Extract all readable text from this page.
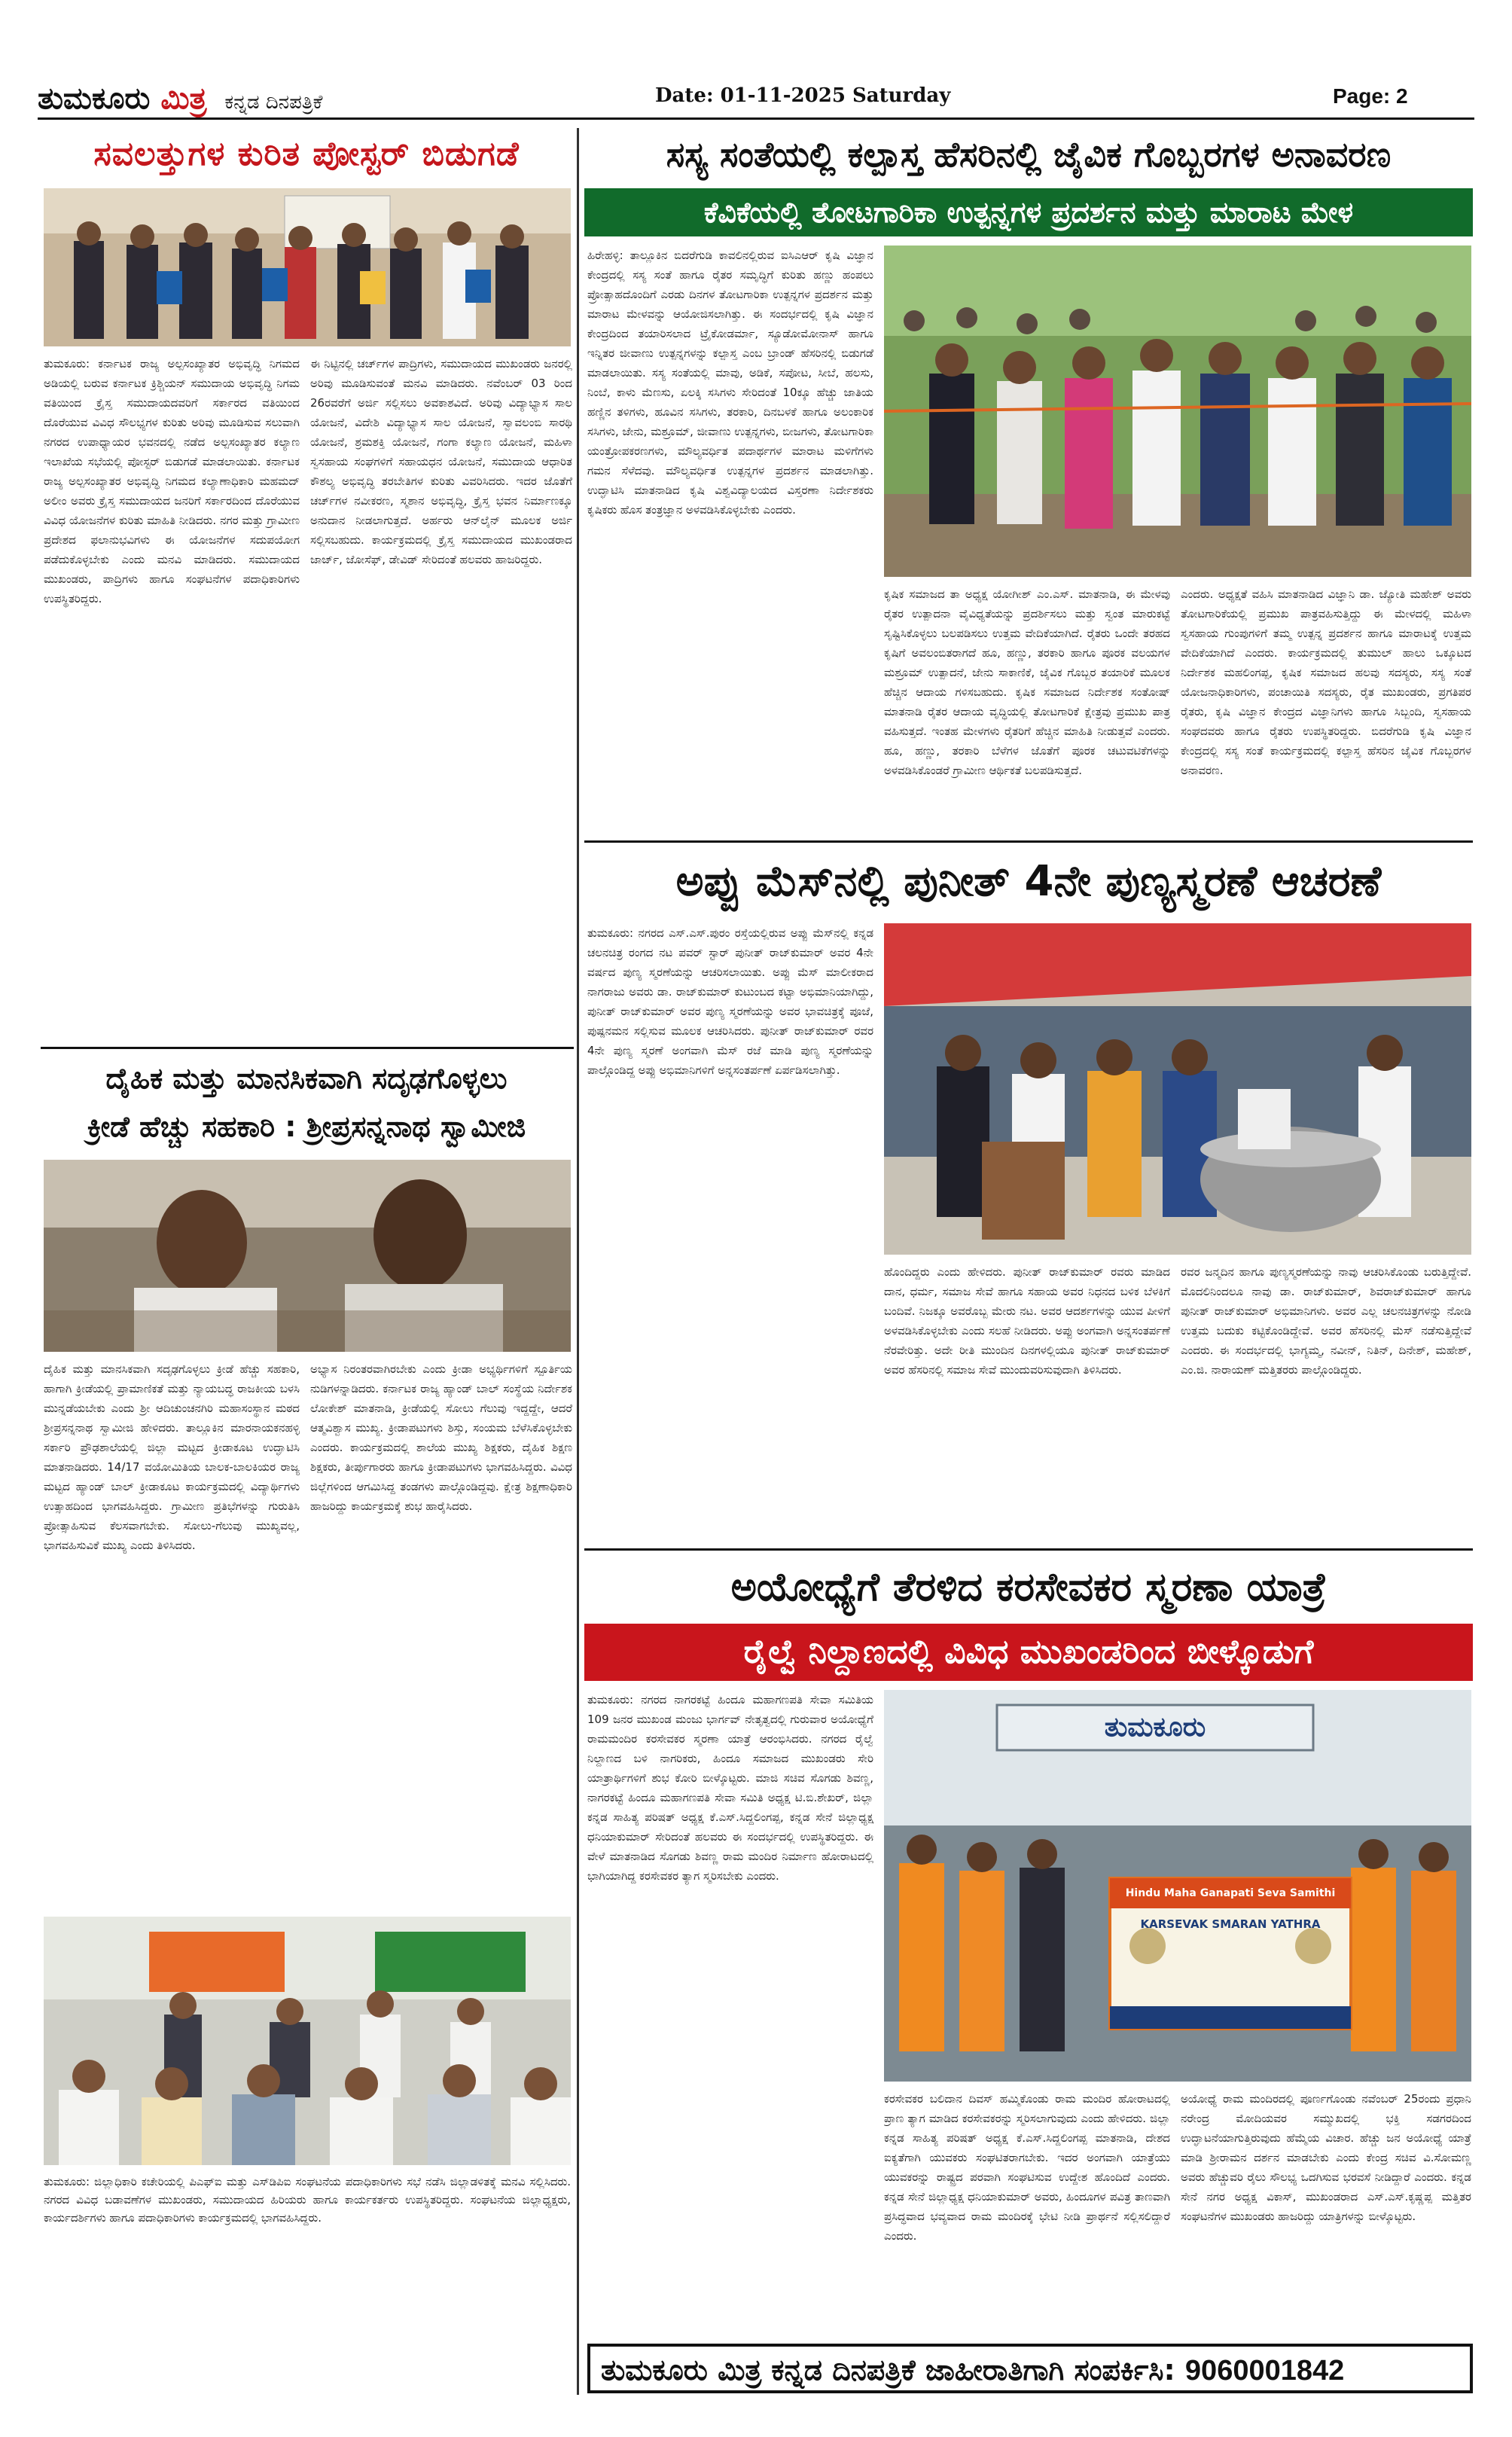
ತುಮಕೂರು ಮಿತ್ರ ಕನ್ನಡ ದಿನಪತ್ರಿಕೆ	Date: 01-11-2025 Saturday	Page: 2
ಸವಲತ್ತುಗಳ ಕುರಿತ ಪೋಸ್ಟರ್ ಬಿಡುಗಡೆ
ತುಮಕೂರು: ಕರ್ನಾಟಕ ರಾಜ್ಯ ಅಲ್ಪಸಂಖ್ಯಾತರ ಅಭಿವೃದ್ಧಿ ನಿಗಮದ ಅಡಿಯಲ್ಲಿ ಬರುವ ಕರ್ನಾಟಕ ಕ್ರಿಶ್ಚಿಯನ್ ಸಮುದಾಯ ಅಭಿವೃದ್ಧಿ ನಿಗಮ ವತಿಯಿಂದ ಕ್ರೈಸ್ತ ಸಮುದಾಯದವರಿಗೆ ಸರ್ಕಾರದ ವತಿಯಿಂದ ದೊರೆಯುವ ವಿವಿಧ ಸೌಲಭ್ಯಗಳ ಕುರಿತು ಅರಿವು ಮೂಡಿಸುವ ಸಲುವಾಗಿ ನಗರದ ಉಪಾಧ್ಯಾಯರ ಭವನದಲ್ಲಿ ನಡೆದ ಅಲ್ಪಸಂಖ್ಯಾತರ ಕಲ್ಯಾಣ ಇಲಾಖೆಯ ಸಭೆಯಲ್ಲಿ ಪೋಸ್ಟರ್ ಬಿಡುಗಡೆ ಮಾಡಲಾಯಿತು. ಕರ್ನಾಟಕ ರಾಜ್ಯ ಅಲ್ಪಸಂಖ್ಯಾತರ ಅಭಿವೃದ್ಧಿ ನಿಗಮದ ಕಲ್ಯಾಣಾಧಿಕಾರಿ ಮಹಮದ್ ಅಲೀಂ ಅವರು ಕ್ರೈಸ್ತ ಸಮುದಾಯದ ಜನರಿಗೆ ಸರ್ಕಾರದಿಂದ ದೊರೆಯುವ ವಿವಿಧ ಯೋಜನೆಗಳ ಕುರಿತು ಮಾಹಿತಿ ನೀಡಿದರು. ನಗರ ಮತ್ತು ಗ್ರಾಮೀಣ ಪ್ರದೇಶದ ಫಲಾನುಭವಿಗಳು ಈ ಯೋಜನೆಗಳ ಸದುಪಯೋಗ ಪಡೆದುಕೊಳ್ಳಬೇಕು ಎಂದು ಮನವಿ ಮಾಡಿದರು. ಸಮುದಾಯದ ಮುಖಂಡರು, ಪಾದ್ರಿಗಳು ಹಾಗೂ ಸಂಘಟನೆಗಳ ಪದಾಧಿಕಾರಿಗಳು ಉಪಸ್ಥಿತರಿದ್ದರು.
ಈ ನಿಟ್ಟಿನಲ್ಲಿ ಚರ್ಚ್‌ಗಳ ಪಾದ್ರಿಗಳು, ಸಮುದಾಯದ ಮುಖಂಡರು ಜನರಲ್ಲಿ ಅರಿವು ಮೂಡಿಸುವಂತೆ ಮನವಿ ಮಾಡಿದರು. ನವೆಂಬರ್ 03 ರಿಂದ 26ರವರೆಗೆ ಅರ್ಜಿ ಸಲ್ಲಿಸಲು ಅವಕಾಶವಿದೆ. ಅರಿವು ವಿದ್ಯಾಭ್ಯಾಸ ಸಾಲ ಯೋಜನೆ, ವಿದೇಶಿ ವಿದ್ಯಾಭ್ಯಾಸ ಸಾಲ ಯೋಜನೆ, ಸ್ವಾವಲಂಬಿ ಸಾರಥಿ ಯೋಜನೆ, ಶ್ರಮಶಕ್ತಿ ಯೋಜನೆ, ಗಂಗಾ ಕಲ್ಯಾಣ ಯೋಜನೆ, ಮಹಿಳಾ ಸ್ವಸಹಾಯ ಸಂಘಗಳಿಗೆ ಸಹಾಯಧನ ಯೋಜನೆ, ಸಮುದಾಯ ಆಧಾರಿತ ಕೌಶಲ್ಯ ಅಭಿವೃದ್ಧಿ ತರಬೇತಿಗಳ ಕುರಿತು ವಿವರಿಸಿದರು. ಇದರ ಜೊತೆಗೆ ಚರ್ಚ್‌ಗಳ ನವೀಕರಣ, ಸ್ಮಶಾನ ಅಭಿವೃದ್ಧಿ, ಕ್ರೈಸ್ತ ಭವನ ನಿರ್ಮಾಣಕ್ಕೂ ಅನುದಾನ ನೀಡಲಾಗುತ್ತದೆ. ಅರ್ಹರು ಆನ್‌ಲೈನ್ ಮೂಲಕ ಅರ್ಜಿ ಸಲ್ಲಿಸಬಹುದು. ಕಾರ್ಯಕ್ರಮದಲ್ಲಿ ಕ್ರೈಸ್ತ ಸಮುದಾಯದ ಮುಖಂಡರಾದ ಜಾರ್ಜ್, ಜೋಸೆಫ್, ಡೇವಿಡ್ ಸೇರಿದಂತೆ ಹಲವರು ಹಾಜರಿದ್ದರು.
ದೈಹಿಕ ಮತ್ತು ಮಾನಸಿಕವಾಗಿ ಸದೃಢಗೊಳ್ಳಲು
ಕ್ರೀಡೆ ಹೆಚ್ಚು ಸಹಕಾರಿ : ಶ್ರೀಪ್ರಸನ್ನನಾಥ ಸ್ವಾಮೀಜಿ
ದೈಹಿಕ ಮತ್ತು ಮಾನಸಿಕವಾಗಿ ಸದೃಢಗೊಳ್ಳಲು ಕ್ರೀಡೆ ಹೆಚ್ಚು ಸಹಕಾರಿ, ಹಾಗಾಗಿ ಕ್ರೀಡೆಯಲ್ಲಿ ಪ್ರಾಮಾಣಿಕತೆ ಮತ್ತು ನ್ಯಾಯಬದ್ಧ ರಾಜಕೀಯ ಬಳಸಿ ಮುನ್ನಡೆಯಬೇಕು ಎಂದು ಶ್ರೀ ಆದಿಚುಂಚನಗಿರಿ ಮಹಾಸಂಸ್ಥಾನ ಮಠದ ಶ್ರೀಪ್ರಸನ್ನನಾಥ ಸ್ವಾಮೀಜಿ ಹೇಳಿದರು. ತಾಲ್ಲೂಕಿನ ಮಾರನಾಯಕನಹಳ್ಳಿ ಸರ್ಕಾರಿ ಪ್ರೌಢಶಾಲೆಯಲ್ಲಿ ಜಿಲ್ಲಾ ಮಟ್ಟದ ಕ್ರೀಡಾಕೂಟ ಉದ್ಘಾಟಿಸಿ ಮಾತನಾಡಿದರು. 14/17 ವಯೋಮಿತಿಯ ಬಾಲಕ-ಬಾಲಕಿಯರ ರಾಜ್ಯ ಮಟ್ಟದ ಹ್ಯಾಂಡ್ ಬಾಲ್ ಕ್ರೀಡಾಕೂಟ ಕಾರ್ಯಕ್ರಮದಲ್ಲಿ ವಿದ್ಯಾರ್ಥಿಗಳು ಉತ್ಸಾಹದಿಂದ ಭಾಗವಹಿಸಿದ್ದರು. ಗ್ರಾಮೀಣ ಪ್ರತಿಭೆಗಳನ್ನು ಗುರುತಿಸಿ ಪ್ರೋತ್ಸಾಹಿಸುವ ಕೆಲಸವಾಗಬೇಕು. ಸೋಲು-ಗೆಲುವು ಮುಖ್ಯವಲ್ಲ, ಭಾಗವಹಿಸುವಿಕೆ ಮುಖ್ಯ ಎಂದು ತಿಳಿಸಿದರು.
ಅಭ್ಯಾಸ ನಿರಂತರವಾಗಿರಬೇಕು ಎಂದು ಕ್ರೀಡಾ ಅಭ್ಯರ್ಥಿಗಳಿಗೆ ಸ್ಪೂರ್ತಿಯ ನುಡಿಗಳನ್ನಾಡಿದರು. ಕರ್ನಾಟಕ ರಾಜ್ಯ ಹ್ಯಾಂಡ್ ಬಾಲ್ ಸಂಸ್ಥೆಯ ನಿರ್ದೇಶಕ ಲೋಕೇಶ್ ಮಾತನಾಡಿ, ಕ್ರೀಡೆಯಲ್ಲಿ ಸೋಲು ಗೆಲುವು ಇದ್ದದ್ದೇ, ಆದರೆ ಆತ್ಮವಿಶ್ವಾಸ ಮುಖ್ಯ. ಕ್ರೀಡಾಪಟುಗಳು ಶಿಸ್ತು, ಸಂಯಮ ಬೆಳೆಸಿಕೊಳ್ಳಬೇಕು ಎಂದರು. ಕಾರ್ಯಕ್ರಮದಲ್ಲಿ ಶಾಲೆಯ ಮುಖ್ಯ ಶಿಕ್ಷಕರು, ದೈಹಿಕ ಶಿಕ್ಷಣ ಶಿಕ್ಷಕರು, ತೀರ್ಪುಗಾರರು ಹಾಗೂ ಕ್ರೀಡಾಪಟುಗಳು ಭಾಗವಹಿಸಿದ್ದರು. ವಿವಿಧ ಜಿಲ್ಲೆಗಳಿಂದ ಆಗಮಿಸಿದ್ದ ತಂಡಗಳು ಪಾಲ್ಗೊಂಡಿದ್ದವು. ಕ್ಷೇತ್ರ ಶಿಕ್ಷಣಾಧಿಕಾರಿ ಹಾಜರಿದ್ದು ಕಾರ್ಯಕ್ರಮಕ್ಕೆ ಶುಭ ಹಾರೈಸಿದರು.
ತುಮಕೂರು: ಜಿಲ್ಲಾಧಿಕಾರಿ ಕಚೇರಿಯಲ್ಲಿ ಪಿಎಫ್‌ಐ ಮತ್ತು ಎಸ್‌ಡಿಪಿಐ ಸಂಘಟನೆಯ ಪದಾಧಿಕಾರಿಗಳು ಸಭೆ ನಡೆಸಿ ಜಿಲ್ಲಾಡಳಿತಕ್ಕೆ ಮನವಿ ಸಲ್ಲಿಸಿದರು. ನಗರದ ವಿವಿಧ ಬಡಾವಣೆಗಳ ಮುಖಂಡರು, ಸಮುದಾಯದ ಹಿರಿಯರು ಹಾಗೂ ಕಾರ್ಯಕರ್ತರು ಉಪಸ್ಥಿತರಿದ್ದರು. ಸಂಘಟನೆಯ ಜಿಲ್ಲಾಧ್ಯಕ್ಷರು, ಕಾರ್ಯದರ್ಶಿಗಳು ಹಾಗೂ ಪದಾಧಿಕಾರಿಗಳು ಕಾರ್ಯಕ್ರಮದಲ್ಲಿ ಭಾಗವಹಿಸಿದ್ದರು.
ಸಸ್ಯ ಸಂತೆಯಲ್ಲಿ ಕಲ್ಪಾಸ್ತ ಹೆಸರಿನಲ್ಲಿ ಜೈವಿಕ ಗೊಬ್ಬರಗಳ ಅನಾವರಣ
ಕೆವಿಕೆಯಲ್ಲಿ ತೋಟಗಾರಿಕಾ ಉತ್ಪನ್ನಗಳ ಪ್ರದರ್ಶನ ಮತ್ತು ಮಾರಾಟ ಮೇಳ
ಹಿರೇಹಳ್ಳಿ: ತಾಲ್ಲೂಕಿನ ಬಿದರೆಗುಡಿ ಕಾವಲಿನಲ್ಲಿರುವ ಐಸಿಎಆರ್ ಕೃಷಿ ವಿಜ್ಞಾನ ಕೇಂದ್ರದಲ್ಲಿ ಸಸ್ಯ ಸಂತೆ ಹಾಗೂ ರೈತರ ಸಮೃದ್ಧಿಗೆ ಕುರಿತು ಹಣ್ಣು ಹಂಪಲು ಪ್ರೋತ್ಸಾಹದೊಂದಿಗೆ ಎರಡು ದಿನಗಳ ತೋಟಗಾರಿಕಾ ಉತ್ಪನ್ನಗಳ ಪ್ರದರ್ಶನ ಮತ್ತು ಮಾರಾಟ ಮೇಳವನ್ನು ಆಯೋಜಿಸಲಾಗಿತ್ತು. ಈ ಸಂದರ್ಭದಲ್ಲಿ ಕೃಷಿ ವಿಜ್ಞಾನ ಕೇಂದ್ರದಿಂದ ತಯಾರಿಸಲಾದ ಟ್ರೈಕೋಡರ್ಮಾ, ಸ್ಯೂಡೋಮೋನಾಸ್ ಹಾಗೂ ಇನ್ನಿತರ ಜೀವಾಣು ಉತ್ಪನ್ನಗಳನ್ನು ಕಲ್ಪಾಸ್ತ ಎಂಬ ಬ್ರಾಂಡ್ ಹೆಸರಿನಲ್ಲಿ ಬಿಡುಗಡೆ ಮಾಡಲಾಯಿತು. ಸಸ್ಯ ಸಂತೆಯಲ್ಲಿ ಮಾವು, ಅಡಿಕೆ, ಸಪೋಟ, ಸೀಬೆ, ಹಲಸು, ನಿಂಬೆ, ಕಾಳು ಮೆಣಸು, ಏಲಕ್ಕಿ ಸಸಿಗಳು ಸೇರಿದಂತೆ 10ಕ್ಕೂ ಹೆಚ್ಚು ಜಾತಿಯ ಹಣ್ಣಿನ ತಳಿಗಳು, ಹೂವಿನ ಸಸಿಗಳು, ತರಕಾರಿ, ದಿನಬಳಕೆ ಹಾಗೂ ಅಲಂಕಾರಿಕ ಸಸಿಗಳು, ಜೇನು, ಮಶ್ರೂಮ್, ಜೀವಾಣು ಉತ್ಪನ್ನಗಳು, ಬೀಜಗಳು, ತೋಟಗಾರಿಕಾ ಯಂತ್ರೋಪಕರಣಗಳು, ಮೌಲ್ಯವರ್ಧಿತ ಪದಾರ್ಥಗಳ ಮಾರಾಟ ಮಳಿಗೆಗಳು ಗಮನ ಸೆಳೆದವು. ಮೌಲ್ಯವರ್ಧಿತ ಉತ್ಪನ್ನಗಳ ಪ್ರದರ್ಶನ ಮಾಡಲಾಗಿತ್ತು. ಉದ್ಘಾಟಿಸಿ ಮಾತನಾಡಿದ ಕೃಷಿ ವಿಶ್ವವಿದ್ಯಾಲಯದ ವಿಸ್ತರಣಾ ನಿರ್ದೇಶಕರು ಕೃಷಿಕರು ಹೊಸ ತಂತ್ರಜ್ಞಾನ ಅಳವಡಿಸಿಕೊಳ್ಳಬೇಕು ಎಂದರು.
ಕೃಷಿಕ ಸಮಾಜದ ತಾ ಅಧ್ಯಕ್ಷ ಯೋಗೀಶ್ ಎಂ.ಎಸ್. ಮಾತನಾಡಿ, ಈ ಮೇಳವು ರೈತರ ಉತ್ಪಾದನಾ ವೈವಿಧ್ಯತೆಯನ್ನು ಪ್ರದರ್ಶಿಸಲು ಮತ್ತು ಸ್ವಂತ ಮಾರುಕಟ್ಟೆ ಸೃಷ್ಟಿಸಿಕೊಳ್ಳಲು ಬಲಪಡಿಸಲು ಉತ್ತಮ ವೇದಿಕೆಯಾಗಿದೆ. ರೈತರು ಒಂದೇ ತರಹದ ಕೃಷಿಗೆ ಅವಲಂಬಿತರಾಗದೆ ಹೂ, ಹಣ್ಣು, ತರಕಾರಿ ಹಾಗೂ ಪೂರಕ ವಲಯಗಳ ಮಶ್ರೂಮ್ ಉತ್ಪಾದನೆ, ಜೇನು ಸಾಕಾಣಿಕೆ, ಜೈವಿಕ ಗೊಬ್ಬರ ತಯಾರಿಕೆ ಮೂಲಕ ಹೆಚ್ಚಿನ ಆದಾಯ ಗಳಿಸಬಹುದು. ಕೃಷಿಕ ಸಮಾಜದ ನಿರ್ದೇಶಕ ಸಂತೋಷ್ ಮಾತನಾಡಿ ರೈತರ ಆದಾಯ ವೃದ್ಧಿಯಲ್ಲಿ ತೋಟಗಾರಿಕೆ ಕ್ಷೇತ್ರವು ಪ್ರಮುಖ ಪಾತ್ರ ವಹಿಸುತ್ತದೆ. ಇಂತಹ ಮೇಳಗಳು ರೈತರಿಗೆ ಹೆಚ್ಚಿನ ಮಾಹಿತಿ ನೀಡುತ್ತವೆ ಎಂದರು. ಹೂ, ಹಣ್ಣು, ತರಕಾರಿ ಬೆಳೆಗಳ ಜೊತೆಗೆ ಪೂರಕ ಚಟುವಟಿಕೆಗಳನ್ನು ಅಳವಡಿಸಿಕೊಂಡರೆ ಗ್ರಾಮೀಣ ಆರ್ಥಿಕತೆ ಬಲಪಡಿಸುತ್ತದೆ.
ಎಂದರು. ಅಧ್ಯಕ್ಷತೆ ವಹಿಸಿ ಮಾತನಾಡಿದ ವಿಜ್ಞಾನಿ ಡಾ. ಜ್ಯೋತಿ ಮಹೇಶ್ ಅವರು ತೋಟಗಾರಿಕೆಯಲ್ಲಿ ಪ್ರಮುಖ ಪಾತ್ರವಹಿಸುತ್ತಿದ್ದು ಈ ಮೇಳದಲ್ಲಿ ಮಹಿಳಾ ಸ್ವಸಹಾಯ ಗುಂಪುಗಳಿಗೆ ತಮ್ಮ ಉತ್ಪನ್ನ ಪ್ರದರ್ಶನ ಹಾಗೂ ಮಾರಾಟಕ್ಕೆ ಉತ್ತಮ ವೇದಿಕೆಯಾಗಿದೆ ಎಂದರು. ಕಾರ್ಯಕ್ರಮದಲ್ಲಿ ತುಮುಲ್ ಹಾಲು ಒಕ್ಕೂಟದ ನಿರ್ದೇಶಕ ಮಹಲಿಂಗಪ್ಪ, ಕೃಷಿಕ ಸಮಾಜದ ಹಲವು ಸದಸ್ಯರು, ಸಸ್ಯ ಸಂತೆ ಯೋಜನಾಧಿಕಾರಿಗಳು, ಪಂಚಾಯಿತಿ ಸದಸ್ಯರು, ರೈತ ಮುಖಂಡರು, ಪ್ರಗತಿಪರ ರೈತರು, ಕೃಷಿ ವಿಜ್ಞಾನ ಕೇಂದ್ರದ ವಿಜ್ಞಾನಿಗಳು ಹಾಗೂ ಸಿಬ್ಬಂದಿ, ಸ್ವಸಹಾಯ ಸಂಘದವರು ಹಾಗೂ ರೈತರು ಉಪಸ್ಥಿತರಿದ್ದರು. ಬಿದರೆಗುಡಿ ಕೃಷಿ ವಿಜ್ಞಾನ ಕೇಂದ್ರದಲ್ಲಿ ಸಸ್ಯ ಸಂತೆ ಕಾರ್ಯಕ್ರಮದಲ್ಲಿ ಕಲ್ಪಾಸ್ತ ಹೆಸರಿನ ಜೈವಿಕ ಗೊಬ್ಬರಗಳ ಅನಾವರಣ.
ಅಪ್ಪು ಮೆಸ್‌ನಲ್ಲಿ ಪುನೀತ್ 4ನೇ ಪುಣ್ಯಸ್ಮರಣೆ ಆಚರಣೆ
ತುಮಕೂರು: ನಗರದ ಎಸ್.ಎಸ್.ಪುರಂ ರಸ್ತೆಯಲ್ಲಿರುವ ಅಪ್ಪು ಮೆಸ್‌ನಲ್ಲಿ ಕನ್ನಡ ಚಲನಚಿತ್ರ ರಂಗದ ನಟ ಪವರ್ ಸ್ಟಾರ್ ಪುನೀತ್ ರಾಜ್‌ಕುಮಾರ್ ಅವರ 4ನೇ ವರ್ಷದ ಪುಣ್ಯ ಸ್ಮರಣೆಯನ್ನು ಆಚರಿಸಲಾಯಿತು. ಅಪ್ಪು ಮೆಸ್ ಮಾಲೀಕರಾದ ನಾಗರಾಜು ಅವರು ಡಾ. ರಾಜ್‌ಕುಮಾರ್ ಕುಟುಂಬದ ಕಟ್ಟಾ ಅಭಿಮಾನಿಯಾಗಿದ್ದು, ಪುನೀತ್ ರಾಜ್‌ಕುಮಾರ್ ಅವರ ಪುಣ್ಯ ಸ್ಮರಣೆಯನ್ನು ಅವರ ಭಾವಚಿತ್ರಕ್ಕೆ ಪೂಜೆ, ಪುಷ್ಪನಮನ ಸಲ್ಲಿಸುವ ಮೂಲಕ ಆಚರಿಸಿದರು. ಪುನೀತ್ ರಾಜ್‌ಕುಮಾರ್ ರವರ 4ನೇ ಪುಣ್ಯ ಸ್ಮರಣೆ ಅಂಗವಾಗಿ ಮೆಸ್ ರಜೆ ಮಾಡಿ ಪುಣ್ಯ ಸ್ಮರಣೆಯನ್ನು ಪಾಲ್ಗೊಂಡಿದ್ದ ಅಪ್ಪು ಅಭಿಮಾನಿಗಳಿಗೆ ಅನ್ನಸಂತರ್ಪಣೆ ಏರ್ಪಡಿಸಲಾಗಿತ್ತು.
ಹೊಂದಿದ್ದರು ಎಂದು ಹೇಳಿದರು. ಪುನೀತ್ ರಾಜ್‌ಕುಮಾರ್ ರವರು ಮಾಡಿದ ದಾನ, ಧರ್ಮ, ಸಮಾಜ ಸೇವೆ ಹಾಗೂ ಸಹಾಯ ಅವರ ನಿಧನದ ಬಳಿಕ ಬೆಳಕಿಗೆ ಬಂದಿವೆ. ನಿಜಕ್ಕೂ ಅವರೊಬ್ಬ ಮೇರು ನಟ. ಅವರ ಆದರ್ಶಗಳನ್ನು ಯುವ ಪೀಳಿಗೆ ಅಳವಡಿಸಿಕೊಳ್ಳಬೇಕು ಎಂದು ಸಲಹೆ ನೀಡಿದರು. ಅಪ್ಪು ಅಂಗವಾಗಿ ಅನ್ನಸಂತರ್ಪಣೆ ನೆರವೇರಿತ್ತು. ಅದೇ ರೀತಿ ಮುಂದಿನ ದಿನಗಳಲ್ಲಿಯೂ ಪುನೀತ್ ರಾಜ್‌ಕುಮಾರ್ ಅವರ ಹೆಸರಿನಲ್ಲಿ ಸಮಾಜ ಸೇವೆ ಮುಂದುವರಿಸುವುದಾಗಿ ತಿಳಿಸಿದರು.
ರವರ ಜನ್ಮದಿನ ಹಾಗೂ ಪುಣ್ಯಸ್ಮರಣೆಯನ್ನು ನಾವು ಆಚರಿಸಿಕೊಂಡು ಬರುತ್ತಿದ್ದೇವೆ. ಮೊದಲಿನಿಂದಲೂ ನಾವು ಡಾ. ರಾಜ್‌ಕುಮಾರ್, ಶಿವರಾಜ್‌ಕುಮಾರ್ ಹಾಗೂ ಪುನೀತ್ ರಾಜ್‌ಕುಮಾರ್ ಅಭಿಮಾನಿಗಳು. ಅವರ ಎಲ್ಲ ಚಲನಚಿತ್ರಗಳನ್ನು ನೋಡಿ ಉತ್ತಮ ಬದುಕು ಕಟ್ಟಿಕೊಂಡಿದ್ದೇವೆ. ಅವರ ಹೆಸರಿನಲ್ಲಿ ಮೆಸ್ ನಡೆಸುತ್ತಿದ್ದೇವೆ ಎಂದರು. ಈ ಸಂದರ್ಭದಲ್ಲಿ ಭಾಗ್ಯಮ್ಮ, ನವೀನ್, ನಿತಿನ್, ದಿನೇಶ್, ಮಹೇಶ್, ಎಂ.ಜಿ. ನಾರಾಯಣ್ ಮತ್ತಿತರರು ಪಾಲ್ಗೊಂಡಿದ್ದರು.
ಅಯೋಧ್ಯೆಗೆ ತೆರಳಿದ ಕರಸೇವಕರ ಸ್ಮರಣಾ ಯಾತ್ರೆ
ರೈಲ್ವೆ ನಿಲ್ದಾಣದಲ್ಲಿ ವಿವಿಧ ಮುಖಂಡರಿಂದ ಬೀಳ್ಕೊಡುಗೆ
ತುಮಕೂರು: ನಗರದ ನಾಗರಕಟ್ಟೆ ಹಿಂದೂ ಮಹಾಗಣಪತಿ ಸೇವಾ ಸಮಿತಿಯ 109 ಜನರ ಮುಖಂಡ ಮಂಜು ಭಾರ್ಗವ್ ನೇತೃತ್ವದಲ್ಲಿ ಗುರುವಾರ ಅಯೋಧ್ಯೆಗೆ ರಾಮಮಂದಿರ ಕರಸೇವಕರ ಸ್ಮರಣಾ ಯಾತ್ರೆ ಆರಂಭಿಸಿದರು. ನಗರದ ರೈಲ್ವೆ ನಿಲ್ದಾಣದ ಬಳಿ ನಾಗರಿಕರು, ಹಿಂದೂ ಸಮಾಜದ ಮುಖಂಡರು ಸೇರಿ ಯಾತ್ರಾರ್ಥಿಗಳಿಗೆ ಶುಭ ಕೋರಿ ಬೀಳ್ಕೊಟ್ಟರು. ಮಾಜಿ ಸಚಿವ ಸೊಗಡು ಶಿವಣ್ಣ, ನಾಗರಕಟ್ಟೆ ಹಿಂದೂ ಮಹಾಗಣಪತಿ ಸೇವಾ ಸಮಿತಿ ಅಧ್ಯಕ್ಷ ಟಿ.ಬಿ.ಶೇಖರ್, ಜಿಲ್ಲಾ ಕನ್ನಡ ಸಾಹಿತ್ಯ ಪರಿಷತ್ ಅಧ್ಯಕ್ಷ ಕೆ.ಎಸ್.ಸಿದ್ದಲಿಂಗಪ್ಪ, ಕನ್ನಡ ಸೇನೆ ಜಿಲ್ಲಾಧ್ಯಕ್ಷ ಧನಿಯಾಕುಮಾರ್ ಸೇರಿದಂತೆ ಹಲವರು ಈ ಸಂದರ್ಭದಲ್ಲಿ ಉಪಸ್ಥಿತರಿದ್ದರು. ಈ ವೇಳೆ ಮಾತನಾಡಿದ ಸೊಗಡು ಶಿವಣ್ಣ ರಾಮ ಮಂದಿರ ನಿರ್ಮಾಣ ಹೋರಾಟದಲ್ಲಿ ಭಾಗಿಯಾಗಿದ್ದ ಕರಸೇವಕರ ತ್ಯಾಗ ಸ್ಮರಿಸಬೇಕು ಎಂದರು.
Hindu Maha Ganapati Seva Samithi
KARSEVAK SMARAN YATHRA
ತುಮಕೂರು
ಕರಸೇವಕರ ಬಲಿದಾನ ದಿವಸ್ ಹಮ್ಮಿಕೊಂಡು ರಾಮ ಮಂದಿರ ಹೋರಾಟದಲ್ಲಿ ಪ್ರಾಣ ತ್ಯಾಗ ಮಾಡಿದ ಕರಸೇವಕರನ್ನು ಸ್ಮರಿಸಲಾಗುವುದು ಎಂದು ಹೇಳಿದರು. ಜಿಲ್ಲಾ ಕನ್ನಡ ಸಾಹಿತ್ಯ ಪರಿಷತ್ ಅಧ್ಯಕ್ಷ ಕೆ.ಎಸ್.ಸಿದ್ದಲಿಂಗಪ್ಪ ಮಾತನಾಡಿ, ದೇಶದ ಐಕ್ಯತೆಗಾಗಿ ಯುವಕರು ಸಂಘಟಿತರಾಗಬೇಕು. ಇದರ ಅಂಗವಾಗಿ ಯಾತ್ರೆಯು ಯುವಕರನ್ನು ರಾಷ್ಟ್ರದ ಪರವಾಗಿ ಸಂಘಟಿಸುವ ಉದ್ದೇಶ ಹೊಂದಿದೆ ಎಂದರು. ಕನ್ನಡ ಸೇನೆ ಜಿಲ್ಲಾಧ್ಯಕ್ಷ ಧನಿಯಾಕುಮಾರ್ ಅವರು, ಹಿಂದೂಗಳ ಪವಿತ್ರ ತಾಣವಾಗಿ ಪ್ರಸಿದ್ಧವಾದ ಭವ್ಯವಾದ ರಾಮ ಮಂದಿರಕ್ಕೆ ಭೇಟಿ ನೀಡಿ ಪ್ರಾರ್ಥನೆ ಸಲ್ಲಿಸಲಿದ್ದಾರೆ ಎಂದರು.
ಅಯೋಧ್ಯೆ ರಾಮ ಮಂದಿರದಲ್ಲಿ ಪೂರ್ಣಗೊಂಡು ನವೆಂಬರ್ 25ರಂದು ಪ್ರಧಾನಿ ನರೇಂದ್ರ ಮೋದಿಯವರ ಸಮ್ಮುಖದಲ್ಲಿ ಭಕ್ತಿ ಸಡಗರದಿಂದ ಉದ್ಘಾಟನೆಯಾಗುತ್ತಿರುವುದು ಹೆಮ್ಮೆಯ ವಿಚಾರ. ಹೆಚ್ಚು ಜನ ಅಯೋಧ್ಯೆ ಯಾತ್ರೆ ಮಾಡಿ ಶ್ರೀರಾಮನ ದರ್ಶನ ಮಾಡಬೇಕು ಎಂದು ಕೇಂದ್ರ ಸಚಿವ ವಿ.ಸೋಮಣ್ಣ ಅವರು ಹೆಚ್ಚುವರಿ ರೈಲು ಸೌಲಭ್ಯ ಒದಗಿಸುವ ಭರವಸೆ ನೀಡಿದ್ದಾರೆ ಎಂದರು. ಕನ್ನಡ ಸೇನೆ ನಗರ ಅಧ್ಯಕ್ಷ ವಿಕಾಸ್, ಮುಖಂಡರಾದ ಎಸ್.ಎಸ್.ಕೃಷ್ಣಪ್ಪ ಮತ್ತಿತರ ಸಂಘಟನೆಗಳ ಮುಖಂಡರು ಹಾಜರಿದ್ದು ಯಾತ್ರಿಗಳನ್ನು ಬೀಳ್ಕೊಟ್ಟರು.
ತುಮಕೂರು ಮಿತ್ರ ಕನ್ನಡ ದಿನಪತ್ರಿಕೆ ಜಾಹೀರಾತಿಗಾಗಿ ಸಂಪರ್ಕಿಸಿ: 9060001842
